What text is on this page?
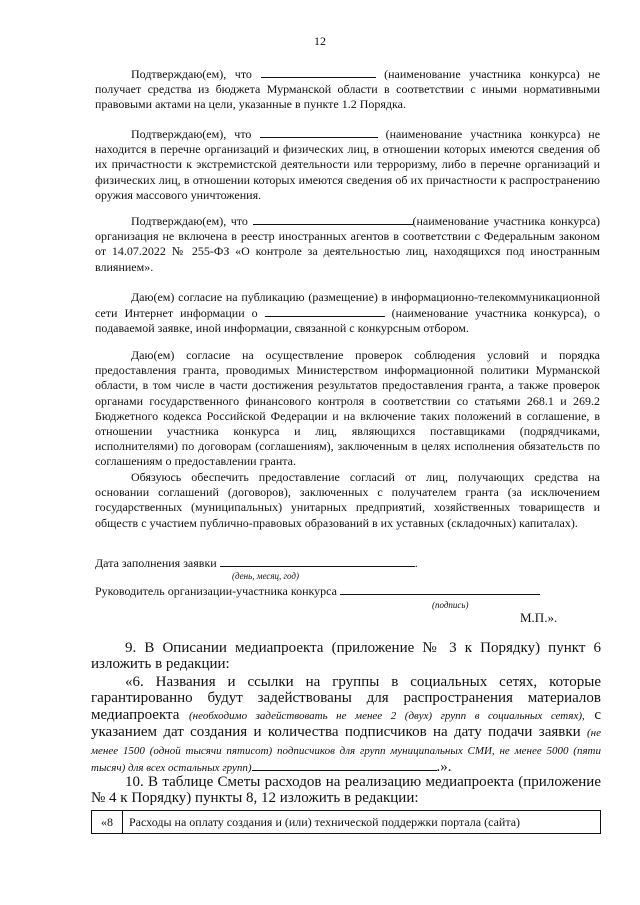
12

Подтверждаю(ем), что	(наименование участника конкурса) не получает средства из бюджета Мурманской области в соответствии с иными нормативными правовыми актами на цели, указанные в пункте 1.2 Порядка.

Подтверждаю(ем), что	(наименование участника конкурса) не находится в перечне организаций и физических лиц, в отношении которых имеются сведения об их причастности к экстремистской деятельности или терроризму, либо в перечне организаций и физических лиц, в отношении которых имеются сведения об их причастности к распространению оружия массового уничтожения.

Подтверждаю(ем), что	(наименование участника конкурса) организация не включена в реестр иностранных агентов в соответствии с Федеральным законом от 14.07.2022 № 255-ФЗ «О контроле за деятельностью лиц, находящихся под иностранным влиянием».

Даю(ем) согласие на публикацию (размещение) в информационно-телекоммуникационной сети Интернет информации о	(наименование участника конкурса), о подаваемой заявке, иной информации, связанной с конкурсным отбором.

Даю(ем) согласие на осуществление проверок соблюдения условий и порядка предоставления гранта, проводимых Министерством информационной политики Мурманской области, в том числе в части достижения результатов предоставления гранта, а также проверок органами государственного финансового контроля в соответствии со статьями 268.1 и 269.2 Бюджетного кодекса Российской Федерации и на включение таких положений в соглашение, в отношении участника конкурса и лиц, являющихся поставщиками (подрядчиками, исполнителями) по договорам (соглашениям), заключенным в целях исполнения обязательств по соглашениям о предоставлении гранта.

Обязуюсь обеспечить предоставление согласий от лиц, получающих средства на основании соглашений (договоров), заключенных с получателем гранта (за исключением государственных (муниципальных) унитарных предприятий, хозяйственных товариществ и обществ с участием публично-правовых образований в их уставных (складочных) капиталах).

Дата заполнения заявки	.

(день, месяц, год)

Руководитель организации-участника конкурса

(подпись)
М.П.».

9. В Описании медиапроекта (приложение № 3 к Порядку) пункт 6 изложить в редакции:

«6. Названия и ссылки на группы в социальных сетях, которые гарантированно будут задействованы для распространения материалов медиапроекта (необходимо задействовать не менее 2 (двух) групп в социальных сетях), с указанием дат создания и количества подписчиков на дату подачи заявки (не менее 1500 (одной тысячи пятисот) подписчиков для групп муниципальных СМИ, не менее 5000 (пяти тысяч) для всех остальных групп)	.».

10. В таблице Сметы расходов на реализацию медиапроекта (приложение № 4 к Порядку) пункты 8, 12 изложить в редакции:

«8	Расходы на оплату создания и (или) технической поддержки портала (сайта)
